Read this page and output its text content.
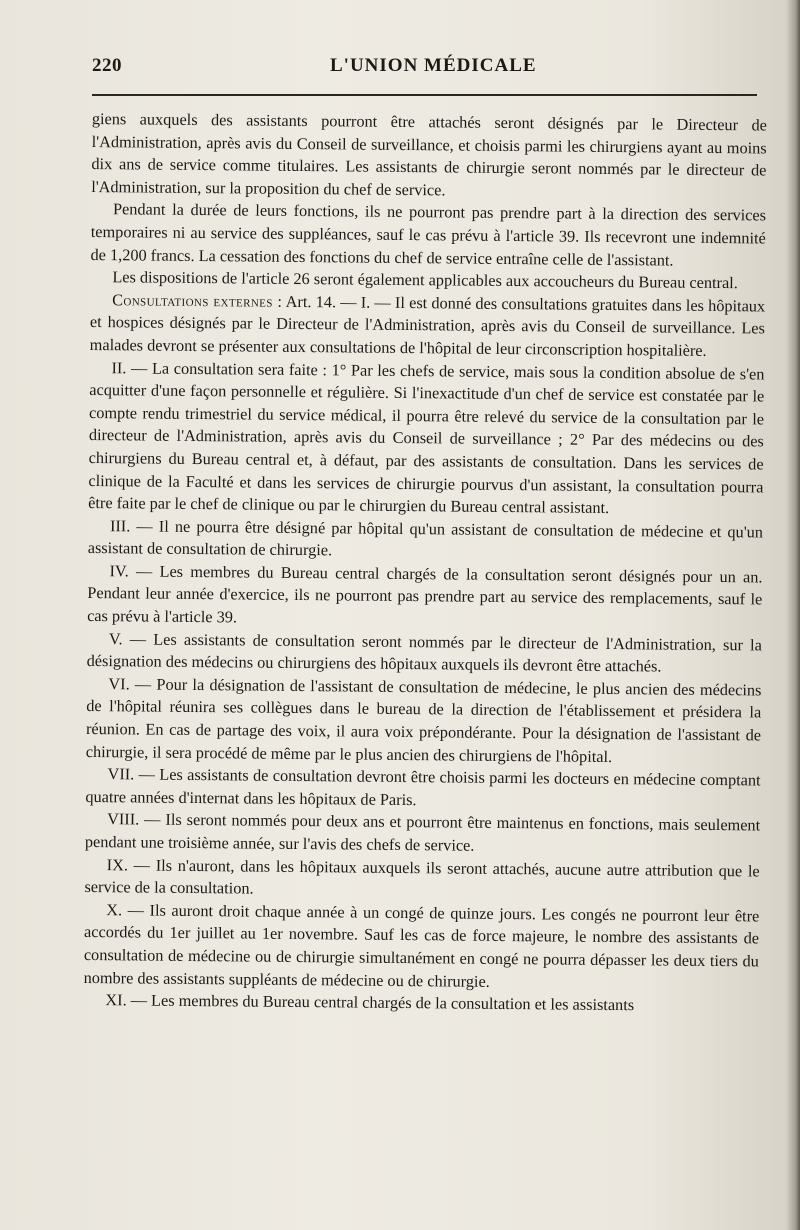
220	L'UNION MÉDICALE

giens auxquels des assistants pourront être attachés seront désignés par le Directeur de l'Administration, après avis du Conseil de surveillance, et choisis parmi les chirurgiens ayant au moins dix ans de service comme titulaires. Les assistants de chirurgie seront nommés par le directeur de l'Administration, sur la proposition du chef de service.

Pendant la durée de leurs fonctions, ils ne pourront pas prendre part à la direction des services temporaires ni au service des suppléances, sauf le cas prévu à l'article 39. Ils recevront une indemnité de 1,200 francs. La cessation des fonctions du chef de service entraîne celle de l'assistant.

Les dispositions de l'article 26 seront également applicables aux accoucheurs du Bureau central.

Consultations externes : Art. 14. — I. — Il est donné des consultations gratuites dans les hôpitaux et hospices désignés par le Directeur de l'Administration, après avis du Conseil de surveillance. Les malades devront se présenter aux consultations de l'hôpital de leur circonscription hospitalière.

II. — La consultation sera faite : 1° Par les chefs de service, mais sous la condition absolue de s'en acquitter d'une façon personnelle et régulière. Si l'inexactitude d'un chef de service est constatée par le compte rendu trimestriel du service médical, il pourra être relevé du service de la consultation par le directeur de l'Administration, après avis du Conseil de surveillance ; 2° Par des médecins ou des chirurgiens du Bureau central et, à défaut, par des assistants de consultation. Dans les services de clinique de la Faculté et dans les services de chirurgie pourvus d'un assistant, la consultation pourra être faite par le chef de clinique ou par le chirurgien du Bureau central assistant.

III. — Il ne pourra être désigné par hôpital qu'un assistant de consultation de médecine et qu'un assistant de consultation de chirurgie.

IV. — Les membres du Bureau central chargés de la consultation seront désignés pour un an. Pendant leur année d'exercice, ils ne pourront pas prendre part au service des remplacements, sauf le cas prévu à l'article 39.

V. — Les assistants de consultation seront nommés par le directeur de l'Administration, sur la désignation des médecins ou chirurgiens des hôpitaux auxquels ils devront être attachés.

VI. — Pour la désignation de l'assistant de consultation de médecine, le plus ancien des médecins de l'hôpital réunira ses collègues dans le bureau de la direction de l'établissement et présidera la réunion. En cas de partage des voix, il aura voix prépondérante. Pour la désignation de l'assistant de chirurgie, il sera procédé de même par le plus ancien des chirurgiens de l'hôpital.

VII. — Les assistants de consultation devront être choisis parmi les docteurs en médecine comptant quatre années d'internat dans les hôpitaux de Paris.

VIII. — Ils seront nommés pour deux ans et pourront être maintenus en fonctions, mais seulement pendant une troisième année, sur l'avis des chefs de service.

IX. — Ils n'auront, dans les hôpitaux auxquels ils seront attachés, aucune autre attribution que le service de la consultation.

X. — Ils auront droit chaque année à un congé de quinze jours. Les congés ne pourront leur être accordés du 1er juillet au 1er novembre. Sauf les cas de force majeure, le nombre des assistants de consultation de médecine ou de chirurgie simultanément en congé ne pourra dépasser les deux tiers du nombre des assistants suppléants de médecine ou de chirurgie.

XI. — Les membres du Bureau central chargés de la consultation et les assistants
